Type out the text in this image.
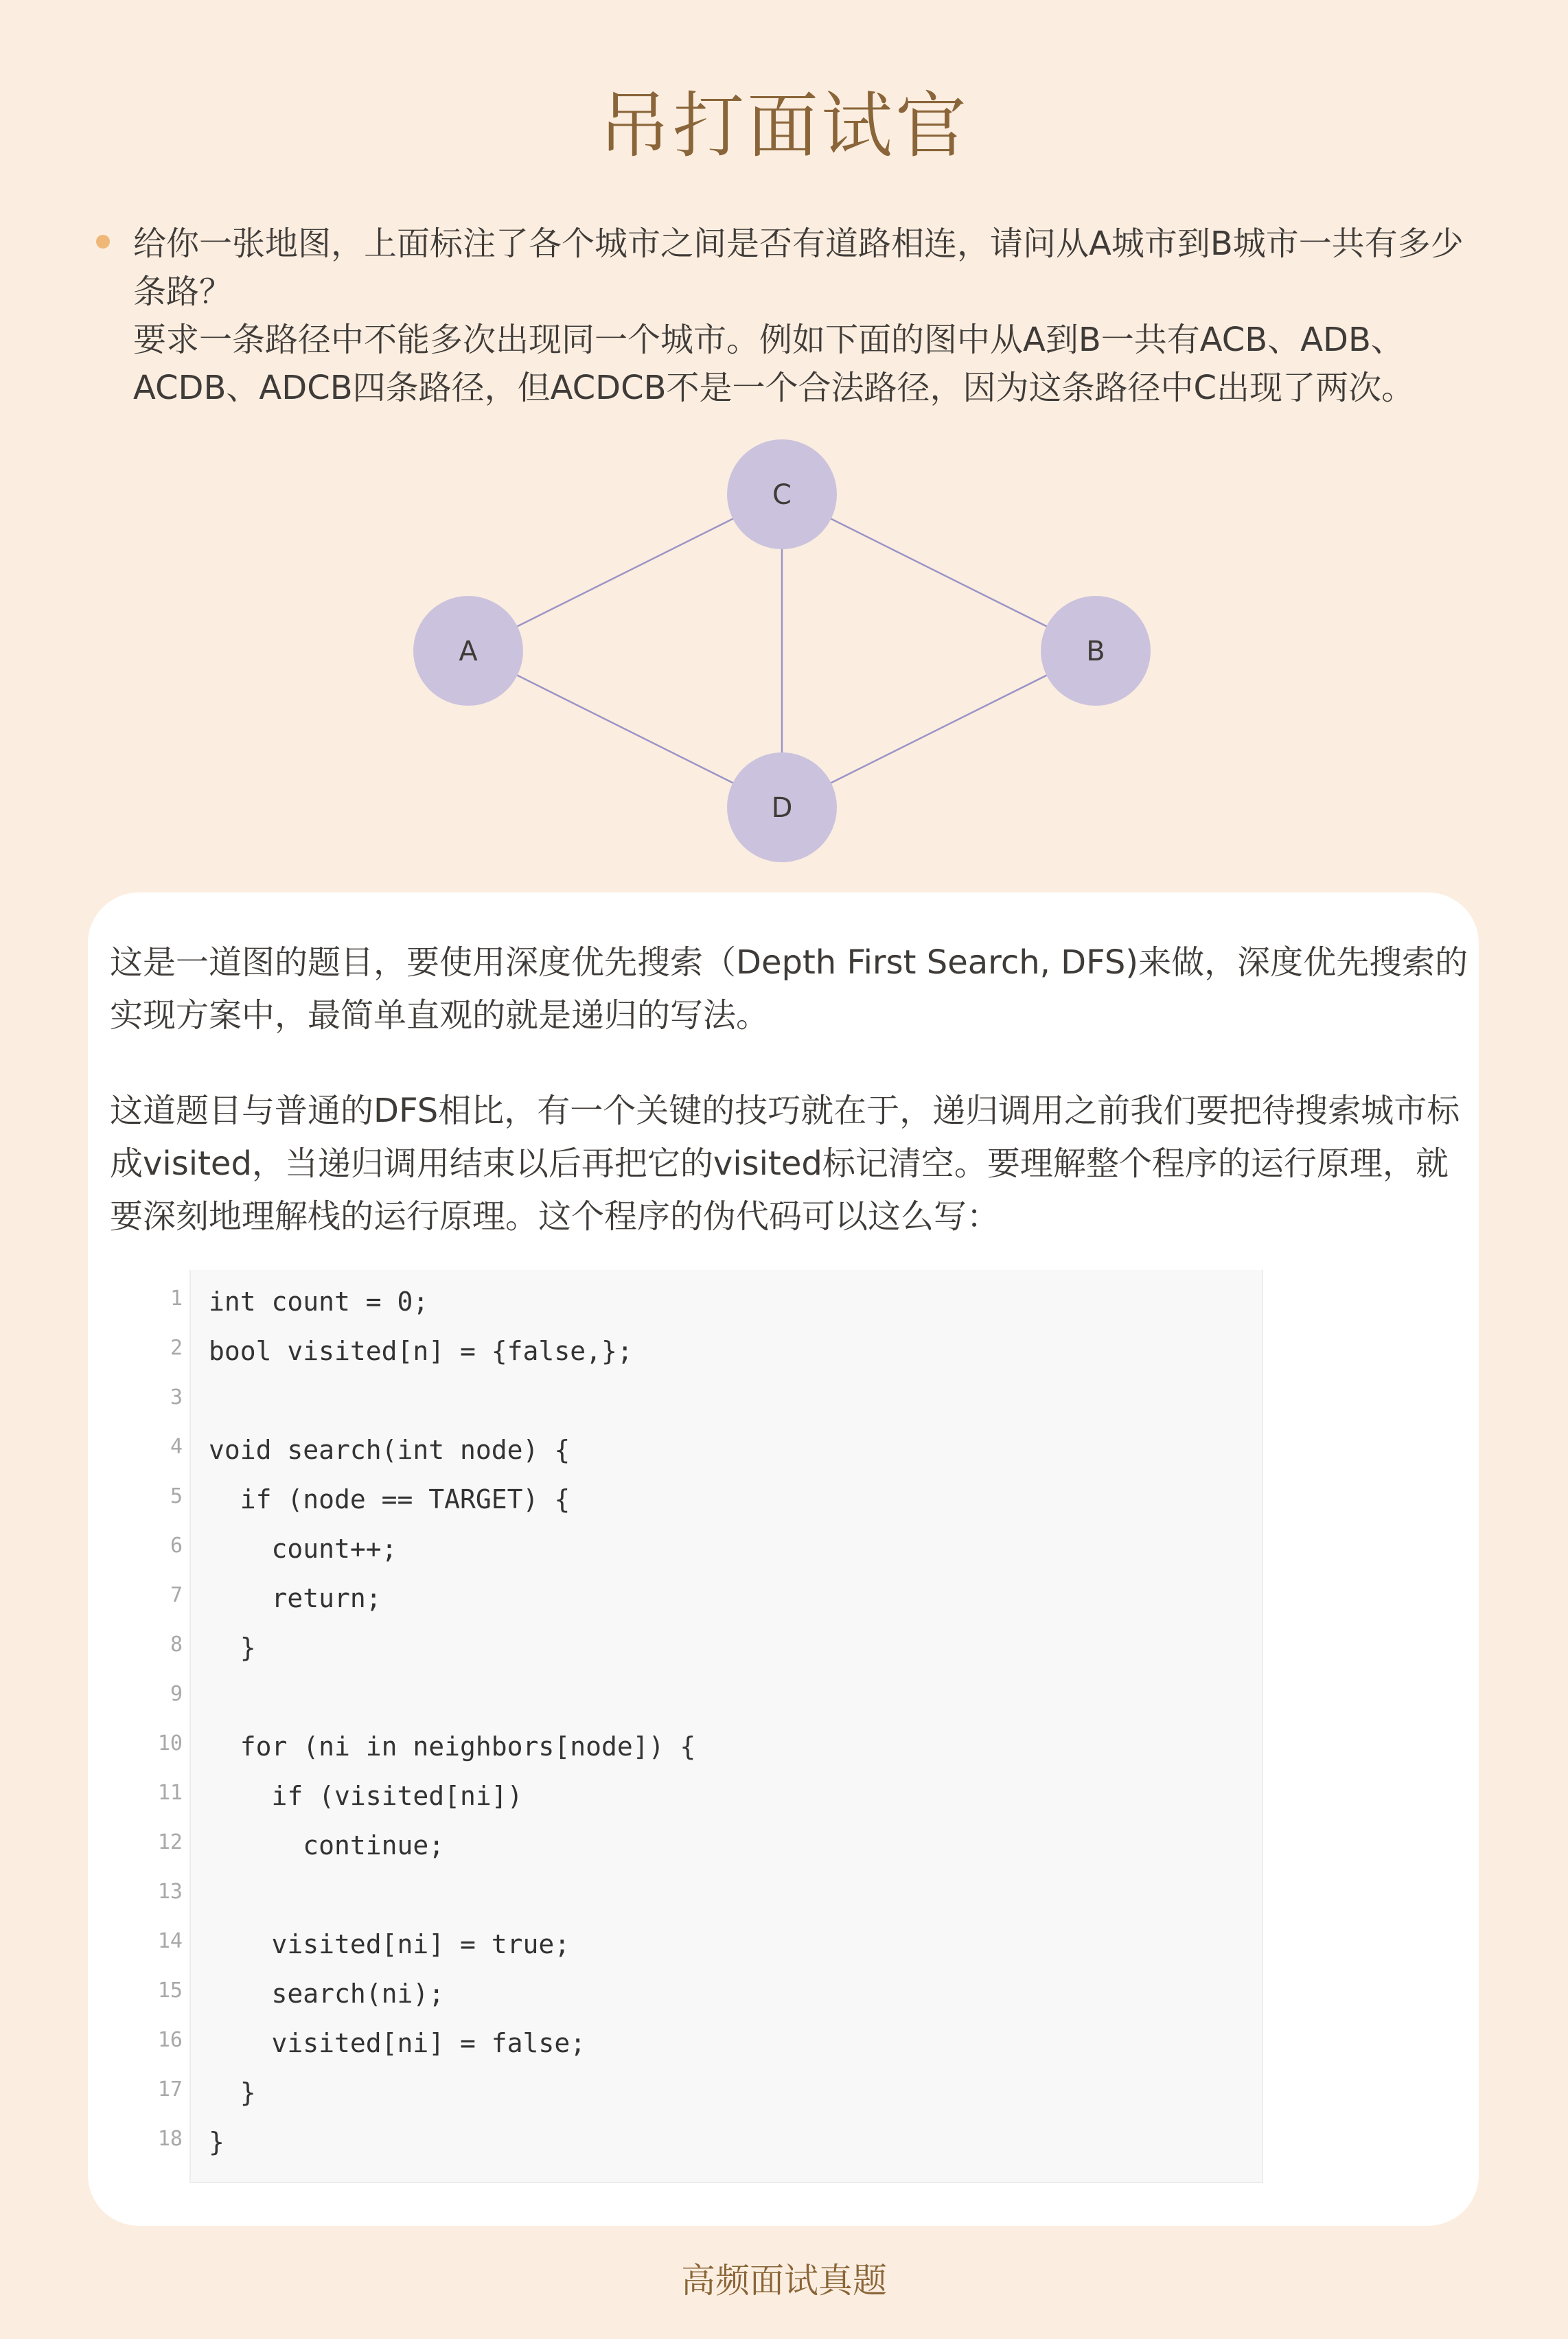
吊打面试官

给你一张地图，上面标注了各个城市之间是否有道路相连，请问从A城市到B城市一共有多少条路？

要求一条路径中不能多次出现同一个城市。例如下面的图中从A到B一共有ACB、ADB、ACDB、ADCB四条路径，但ACDCB不是一个合法路径，因为这条路径中C出现了两次。

A	B
C
D

这是一道图的题目，要使用深度优先搜索（Depth First Search, DFS)来做，深度优先搜索的实现方案中，最简单直观的就是递归的写法。

这道题目与普通的DFS相比，有一个关键的技巧就在于，递归调用之前我们要把待搜索城市标成visited，当递归调用结束以后再把它的visited标记清空。要理解整个程序的运行原理，就要深刻地理解栈的运行原理。这个程序的伪代码可以这么写：

1
2
3
4
5
6
7
8
9
10
11
12
13
14
15
16
17
18
int count = 0;
bool visited[n] = {false,};
void search(int node) {
if (node == TARGET) {
count++;
return;
}
for (ni in neighbors[node]) {
if (visited[ni])
continue;
visited[ni] = true;
search(ni);
visited[ni] = false;
}
}
高频面试真题
